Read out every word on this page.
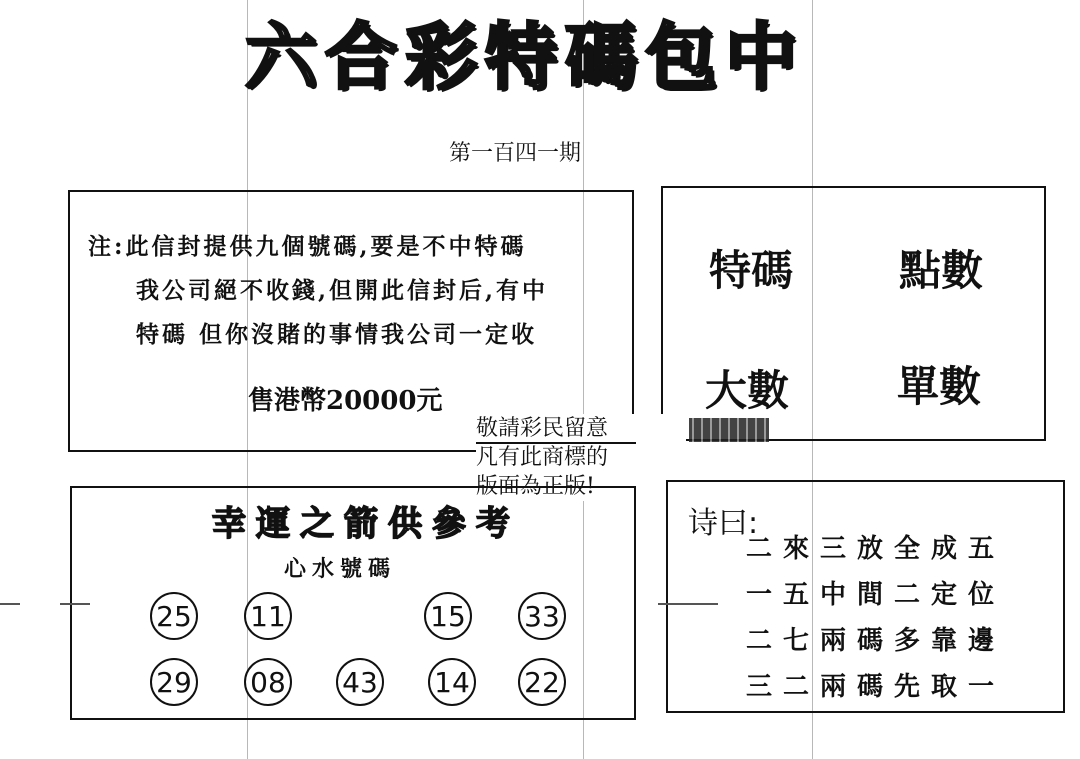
六合彩特碼包中
第一百四一期
注:此信封提供九個號碼,要是不中特碼
我公司絕不收錢,但開此信封后,有中
特碼 但你沒賭的事情我公司一定收
售港幣20000元
特碼	點數
大數	單數
敬請彩民留意
凡有此商標的
版面為正版!
幸運之箭供參考
心水號碼
25 11	15 33
29 08 43 14 22
诗曰:
二來三放全成五
一五中間二定位
二七兩碼多靠邊
三二兩碼先取一
